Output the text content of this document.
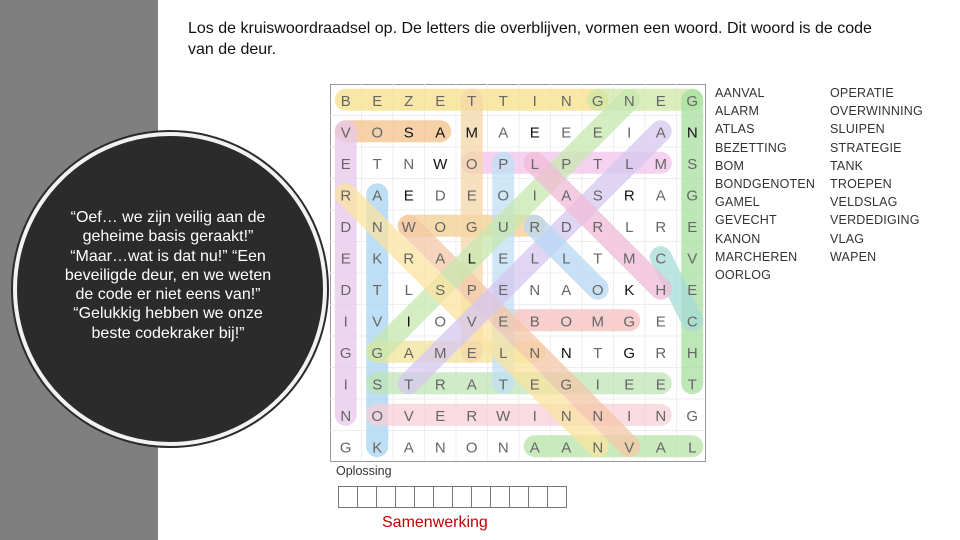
Los de kruiswoordraadsel op. De letters die overblijven, vormen een woord. Dit woord is de code van de deur.
“Oef… we zijn veilig aan de geheime basis geraakt!” “Maar…wat is dat nu!” “Een beveiligde deur, en we weten de code er niet eens van!” “Gelukkig hebben we onze beste codekraker bij!”
B E Z E T T I N G N E G
V O S A M A E E E I A N
E T N W O P L P T L M S
R A E D E O I A S R A G
D N W O G U R D R L R E
E K R A L E L L T M C V
D T L S P E N A O K H E
I V I O V E B O M G E C
G G A M E L N N T G R H
I S T R A T E G I E E T
N O V E R W I N N I N G
G K A N O N A A N V A L
AANVAL
ALARM
ATLAS
BEZETTING
BOM
BONDGENOTEN
GAMEL
GEVECHT
KANON
MARCHEREN
OORLOG
OPERATIE
OVERWINNING
SLUIPEN
STRATEGIE
TANK
TROEPEN
VELDSLAG
VERDEDIGING
VLAG
WAPEN
Oplossing
Samenwerking
